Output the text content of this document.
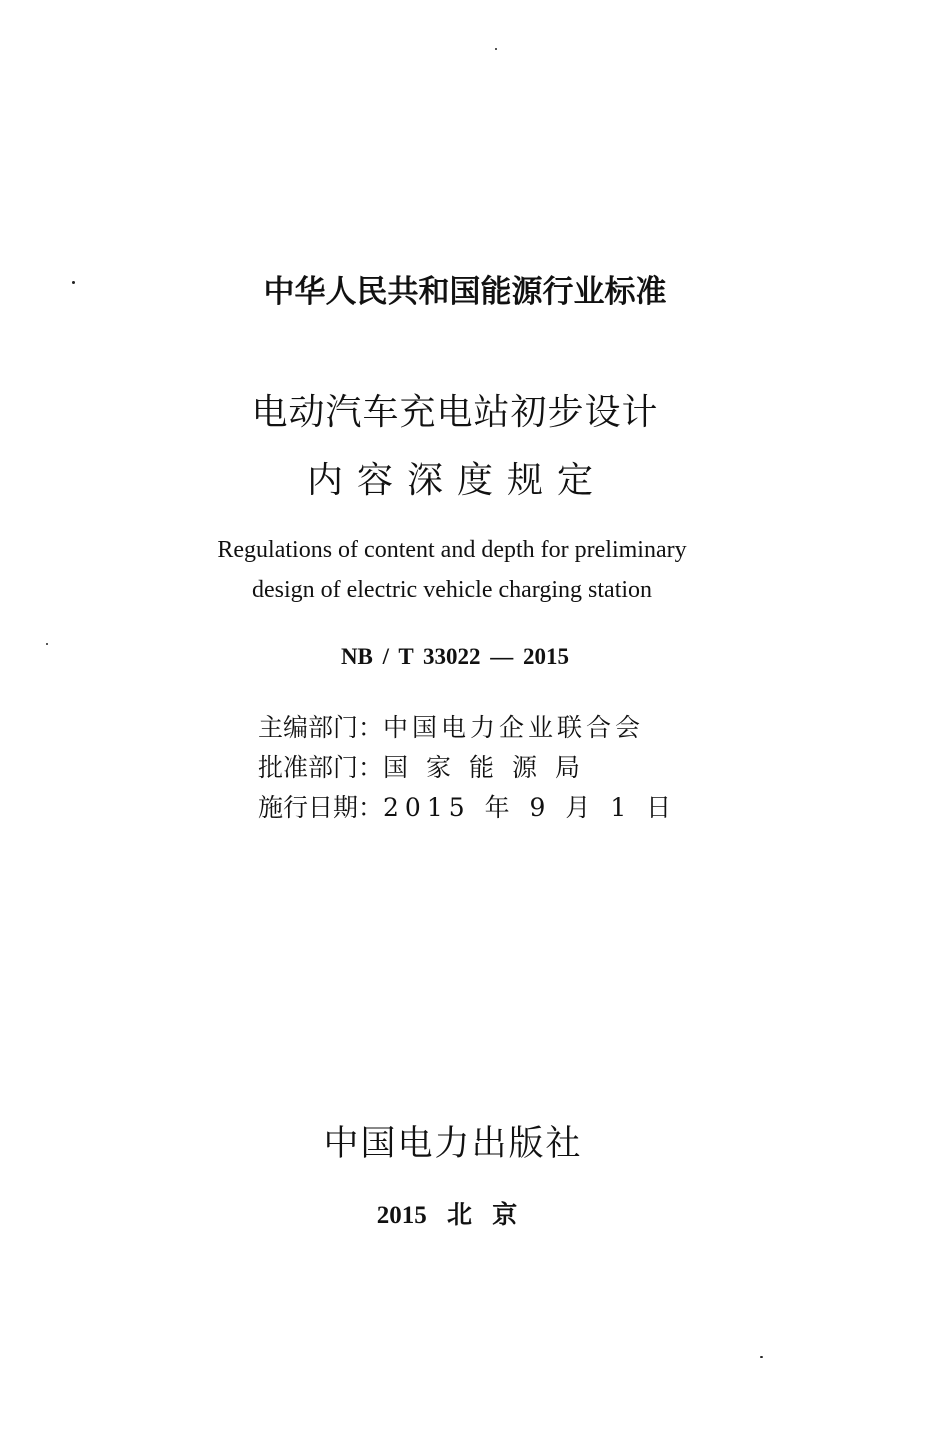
中华人民共和国能源行业标准
电动汽车充电站初步设计
内容深度规定
Regulations of content and depth for preliminary
design of electric vehicle charging station
NB / T 33022 — 2015
主编部门：中国电力企业联合会
批准部门：国家能源局
施行日期：2015 年 9 月 1 日
中国电力出版社
2015 北 京
